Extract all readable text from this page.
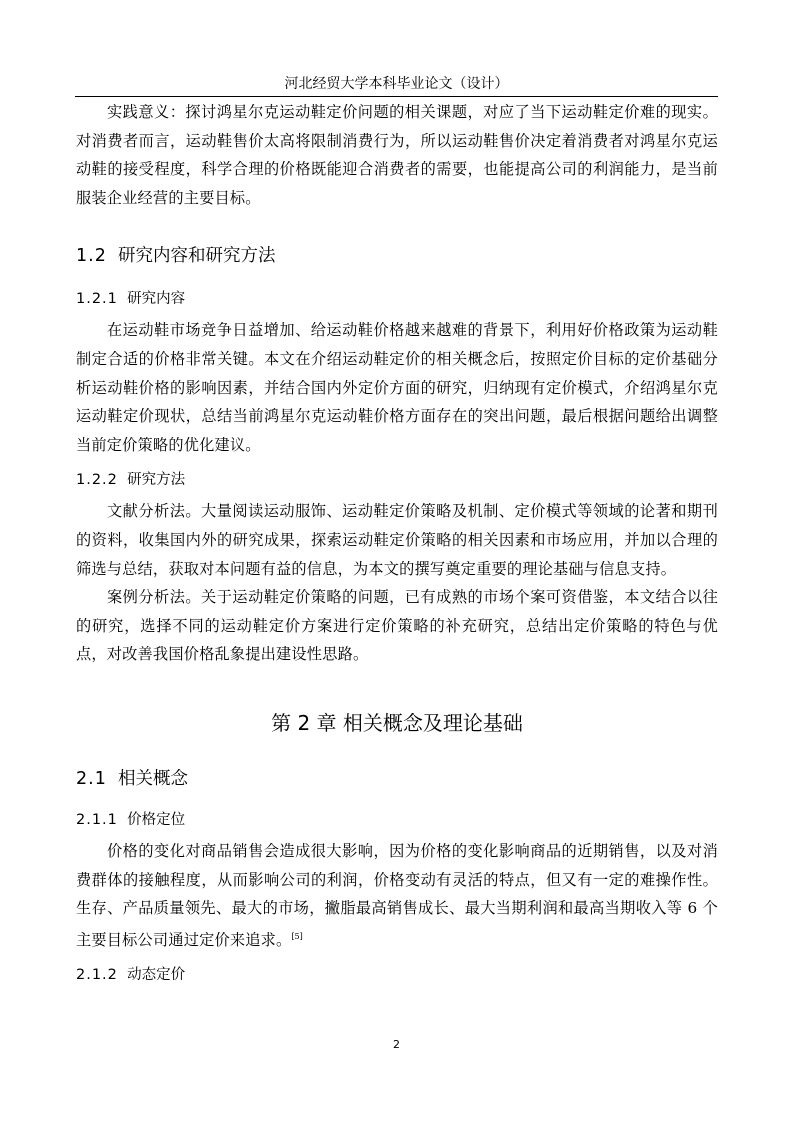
河北经贸大学本科毕业论文（设计）

实践意义：探讨鸿星尔克运动鞋定价问题的相关课题，对应了当下运动鞋定价难的现实。对消费者而言，运动鞋售价太高将限制消费行为，所以运动鞋售价决定着消费者对鸿星尔克运动鞋的接受程度，科学合理的价格既能迎合消费者的需要，也能提高公司的利润能力，是当前服装企业经营的主要目标。

1.2 研究内容和研究方法
1.2.1 研究内容

在运动鞋市场竞争日益增加、给运动鞋价格越来越难的背景下，利用好价格政策为运动鞋制定合适的价格非常关键。本文在介绍运动鞋定价的相关概念后，按照定价目标的定价基础分析运动鞋价格的影响因素，并结合国内外定价方面的研究，归纳现有定价模式，介绍鸿星尔克运动鞋定价现状，总结当前鸿星尔克运动鞋价格方面存在的突出问题，最后根据问题给出调整当前定价策略的优化建议。

1.2.2 研究方法

文献分析法。大量阅读运动服饰、运动鞋定价策略及机制、定价模式等领域的论著和期刊的资料，收集国内外的研究成果，探索运动鞋定价策略的相关因素和市场应用，并加以合理的筛选与总结，获取对本问题有益的信息，为本文的撰写奠定重要的理论基础与信息支持。

案例分析法。关于运动鞋定价策略的问题，已有成熟的市场个案可资借鉴，本文结合以往的研究，选择不同的运动鞋定价方案进行定价策略的补充研究，总结出定价策略的特色与优点，对改善我国价格乱象提出建设性思路。

第 2 章 相关概念及理论基础
2.1 相关概念
2.1.1 价格定位

价格的变化对商品销售会造成很大影响，因为价格的变化影响商品的近期销售，以及对消费群体的接触程度，从而影响公司的利润，价格变动有灵活的特点，但又有一定的难操作性。生存、产品质量领先、最大的市场，撇脂最高销售成长、最大当期利润和最高当期收入等 6 个主要目标公司通过定价来追求。[5]

2.1.2 动态定价
2
